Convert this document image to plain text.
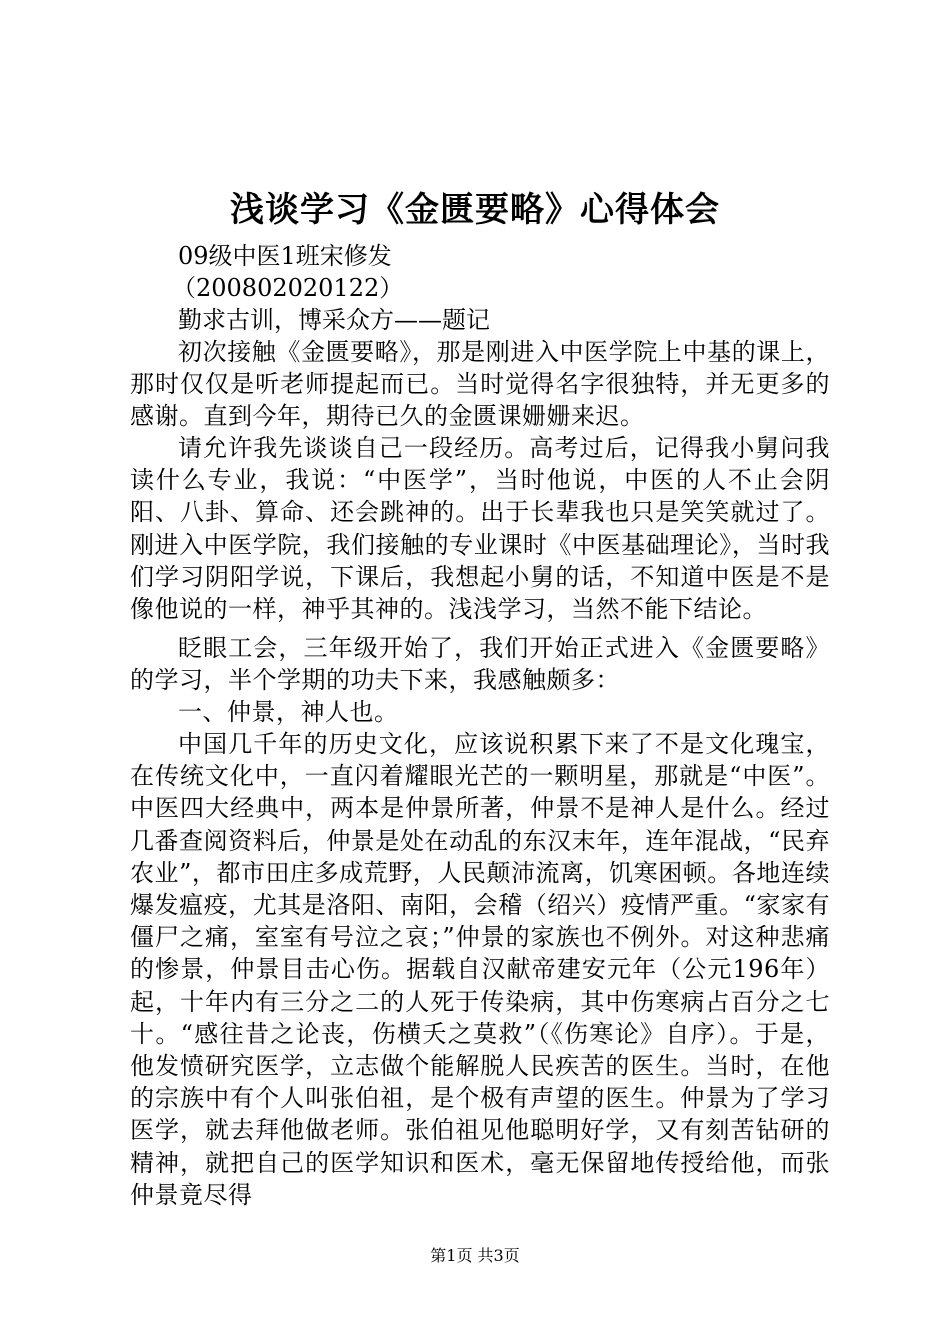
浅谈学习《金匮要略》心得体会

09级中医1班宋修发

（200802020122）

勤求古训，博采众方——题记

初次接触《金匮要略》，那是刚进入中医学院上中基的课上，那时仅仅是听老师提起而已。当时觉得名字很独特，并无更多的感谢。直到今年，期待已久的金匮课姗姗来迟。

请允许我先谈谈自己一段经历。高考过后，记得我小舅问我读什么专业，我说：“中医学”，当时他说，中医的人不止会阴阳、八卦、算命、还会跳神的。出于长辈我也只是笑笑就过了。刚进入中医学院，我们接触的专业课时《中医基础理论》，当时我们学习阴阳学说，下课后，我想起小舅的话，不知道中医是不是像他说的一样，神乎其神的。浅浅学习，当然不能下结论。

眨眼工会，三年级开始了，我们开始正式进入《金匮要略》的学习，半个学期的功夫下来，我感触颇多：

一、仲景，神人也。

中国几千年的历史文化，应该说积累下来了不是文化瑰宝，在传统文化中，一直闪着耀眼光芒的一颗明星，那就是“中医”。中医四大经典中，两本是仲景所著，仲景不是神人是什么。经过几番查阅资料后，仲景是处在动乱的东汉末年，连年混战，“民弃农业”，都市田庄多成荒野，人民颠沛流离，饥寒困顿。各地连续爆发瘟疫，尤其是洛阳、南阳，会稽（绍兴）疫情严重。“家家有僵尸之痛，室室有号泣之哀；”仲景的家族也不例外。对这种悲痛的惨景，仲景目击心伤。据载自汉献帝建安元年（公元196年）起，十年内有三分之二的人死于传染病，其中伤寒病占百分之七十。“感往昔之论丧，伤横夭之莫救”（《伤寒论》自序）。于是，他发愤研究医学，立志做个能解脱人民疾苦的医生。当时，在他的宗族中有个人叫张伯祖，是个极有声望的医生。仲景为了学习医学，就去拜他做老师。张伯祖见他聪明好学，又有刻苦钻研的精神，就把自己的医学知识和医术，毫无保留地传授给他，而张仲景竟尽得

第1页 共3页
